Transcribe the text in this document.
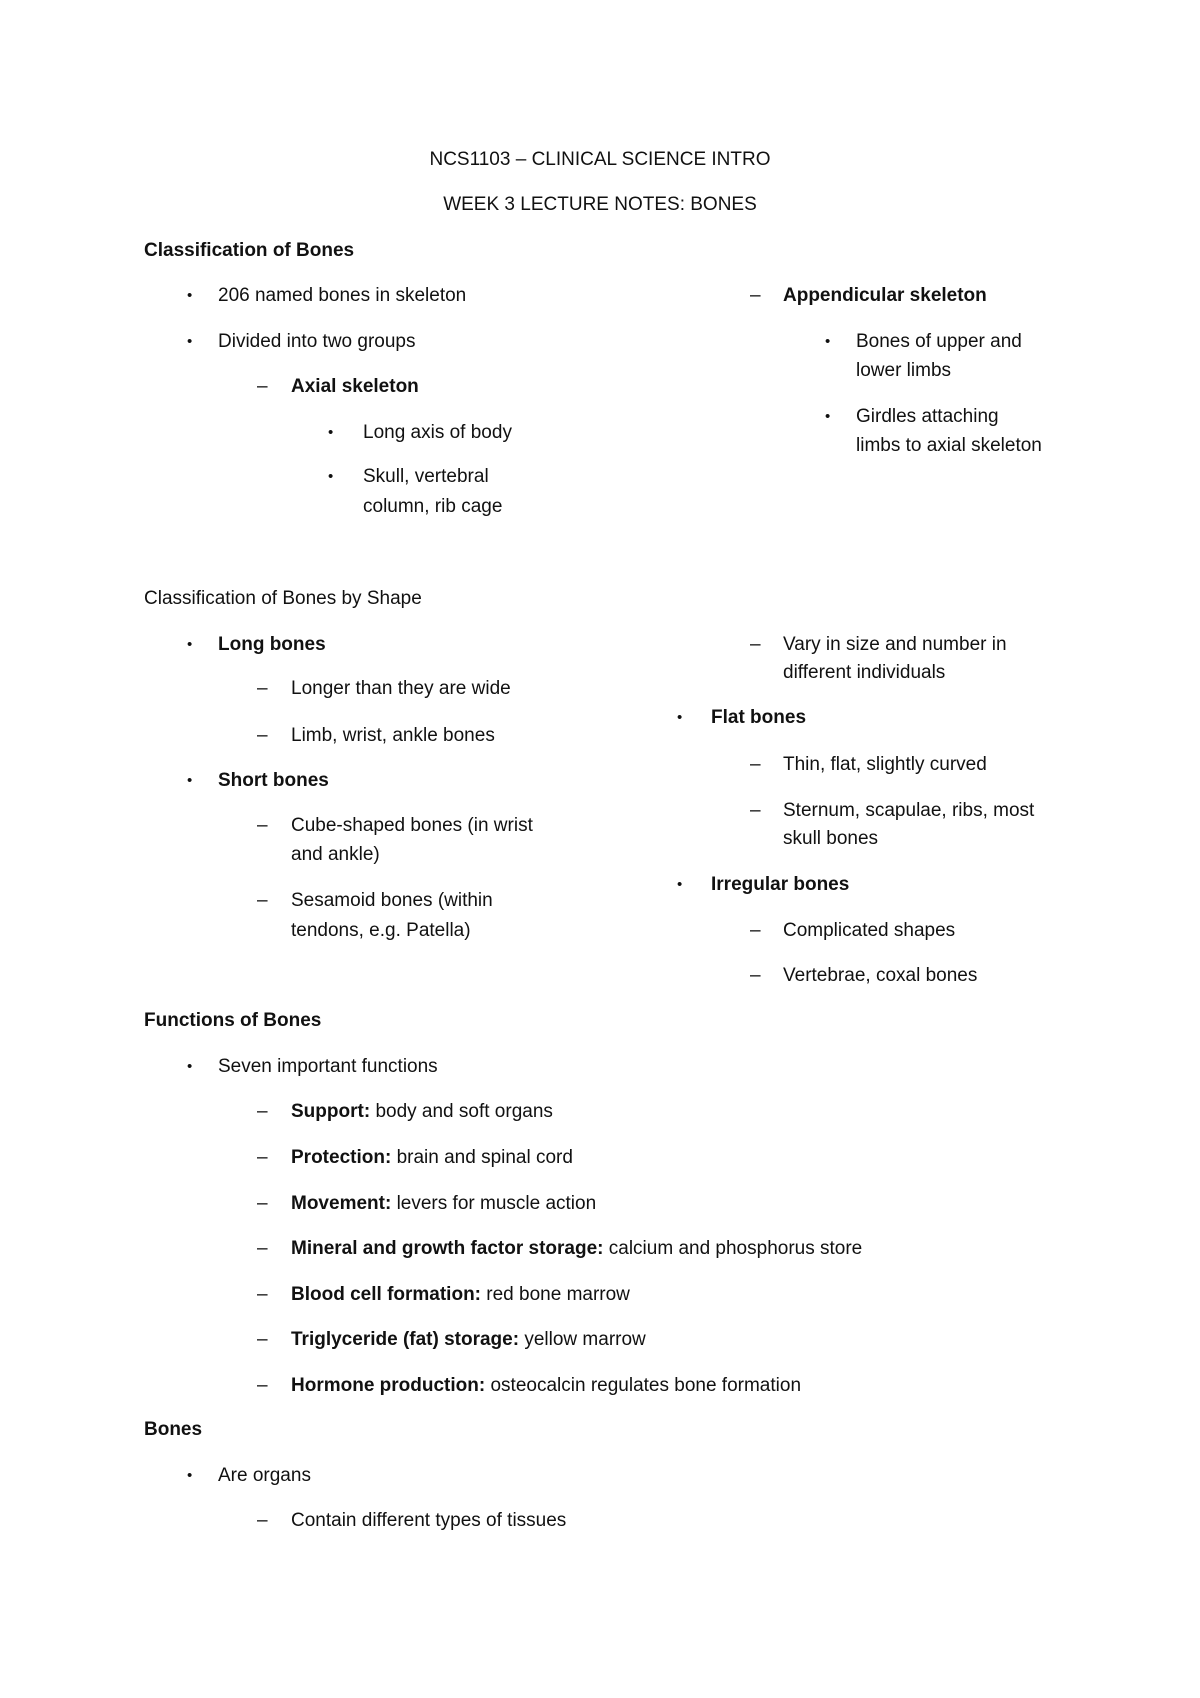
NCS1103 – CLINICAL SCIENCE INTRO
WEEK 3 LECTURE NOTES: BONES
Classification of Bones
•206 named bones in skeleton
•Divided into two groups
–Axial skeleton
•Long axis of body
•Skull, vertebral
column, rib cage
–Appendicular skeleton
•Bones of upper and
lower limbs
•Girdles attaching
limbs to axial skeleton
Classification of Bones by Shape
•Long bones
–Longer than they are wide
–Limb, wrist, ankle bones
•Short bones
–Cube-shaped bones (in wrist
and ankle)
–Sesamoid bones (within
tendons, e.g. Patella)
–Vary in size and number in
different individuals
•Flat bones
–Thin, flat, slightly curved
–Sternum, scapulae, ribs, most
skull bones
•Irregular bones
–Complicated shapes
–Vertebrae, coxal bones
Functions of Bones
•Seven important functions
–Support: body and soft organs
–Protection: brain and spinal cord
–Movement: levers for muscle action
–Mineral and growth factor storage: calcium and phosphorus store
–Blood cell formation: red bone marrow
–Triglyceride (fat) storage: yellow marrow
–Hormone production: osteocalcin regulates bone formation
Bones
•Are organs
–Contain different types of tissues
